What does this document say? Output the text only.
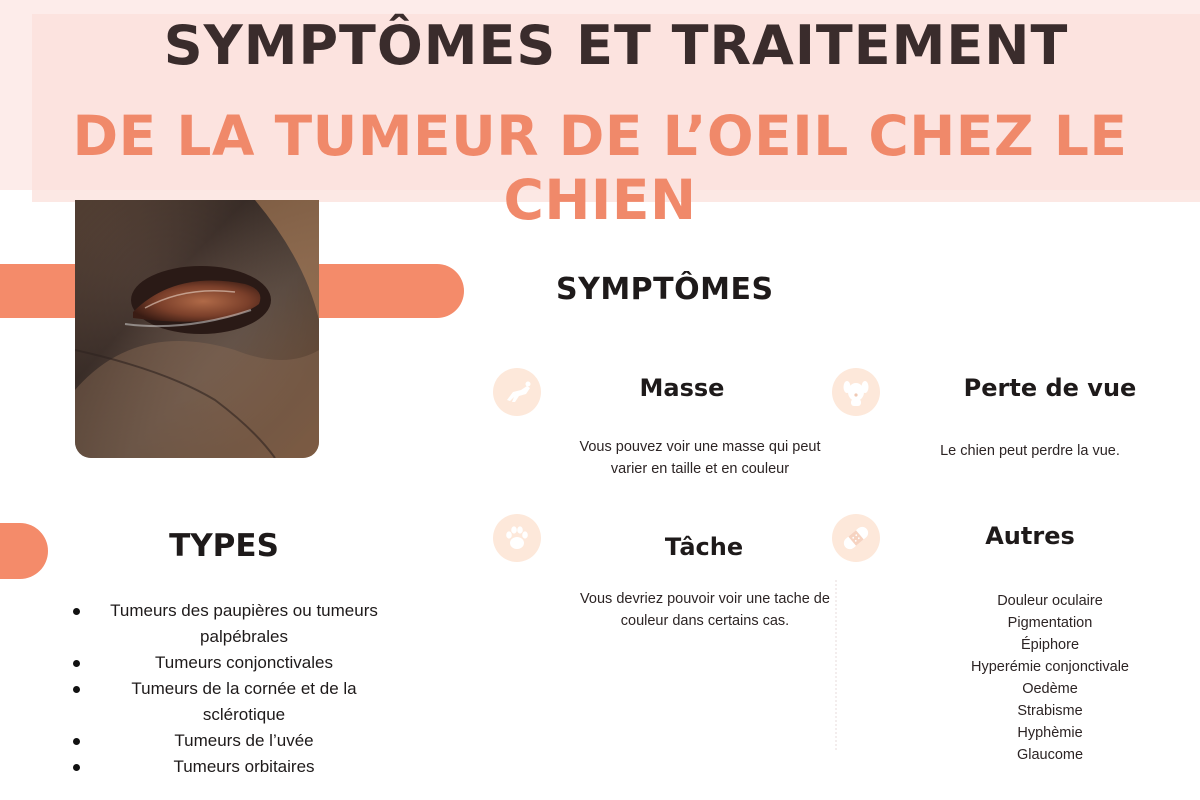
SYMPTÔMES ET TRAITEMENT
DE LA TUMEUR DE L’OEIL CHEZ LE CHIEN
SYMPTÔMES
Masse
Vous pouvez voir une masse qui peut varier en taille et en couleur
Perte de vue
Le chien peut perdre la vue.
Tâche
Vous devriez pouvoir voir une tache de couleur dans certains cas.
Autres
Douleur oculaire
Pigmentation
Épiphore
Hyperémie conjonctivale
Oedème
Strabisme
Hyphèmie
Glaucome
TYPES
Tumeurs des paupières ou tumeurs palpébrales
Tumeurs conjonctivales
Tumeurs de la cornée et de la sclérotique
Tumeurs de l’uvée
Tumeurs orbitaires
